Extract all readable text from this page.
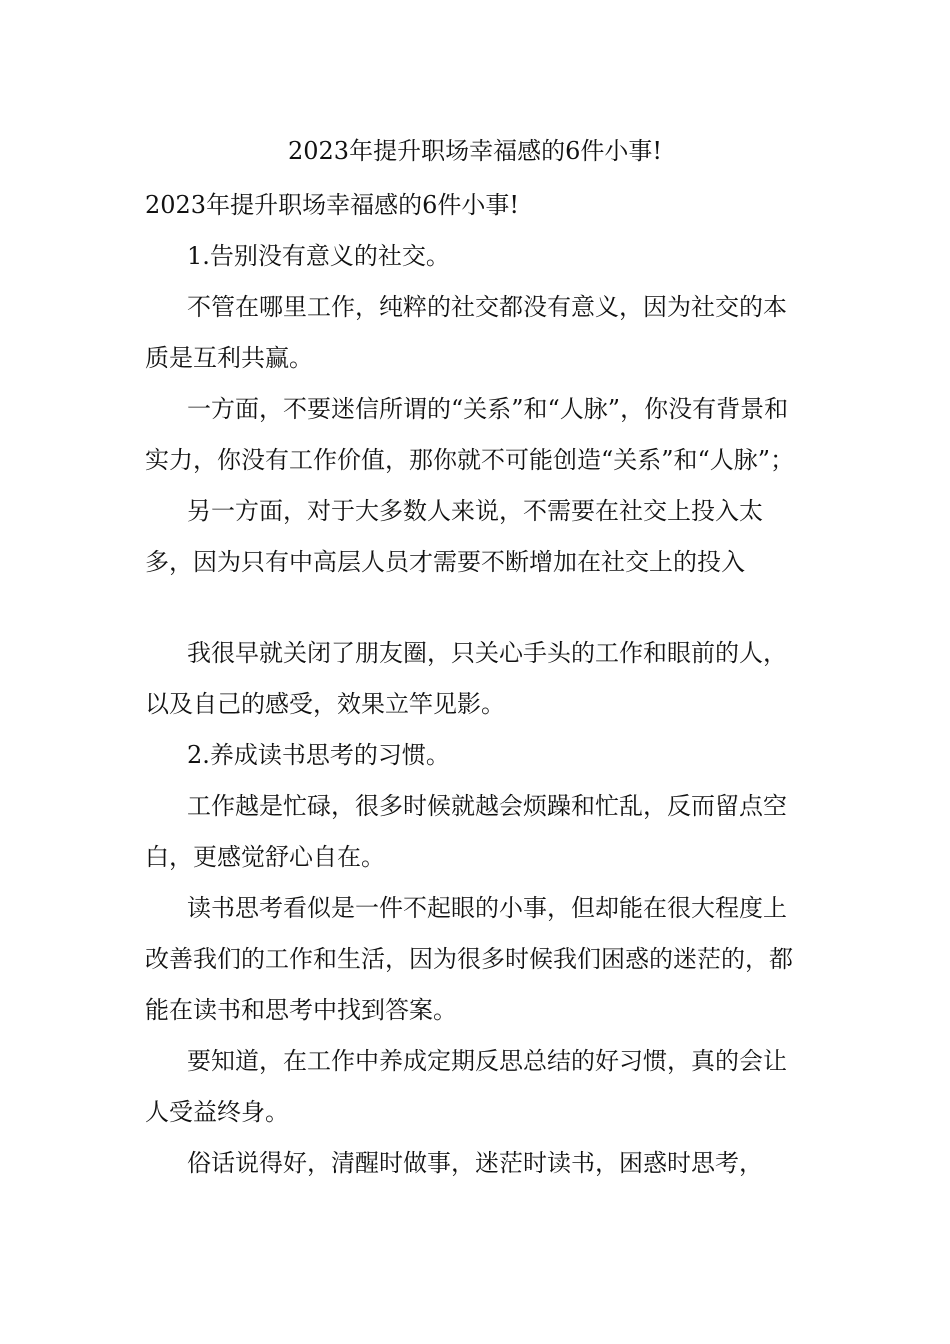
2023年提升职场幸福感的6件小事!

2023年提升职场幸福感的6件小事!

1.告别没有意义的社交。

不管在哪里工作，纯粹的社交都没有意义，因为社交的本质是互利共赢。

一方面，不要迷信所谓的“关系”和“人脉”，你没有背景和实力，你没有工作价值，那你就不可能创造“关系”和“人脉”；

另一方面，对于大多数人来说，不需要在社交上投入太多，因为只有中高层人员才需要不断增加在社交上的投入

我很早就关闭了朋友圈，只关心手头的工作和眼前的人，以及自己的感受，效果立竿见影。

2.养成读书思考的习惯。

工作越是忙碌，很多时候就越会烦躁和忙乱，反而留点空白，更感觉舒心自在。

读书思考看似是一件不起眼的小事，但却能在很大程度上改善我们的工作和生活，因为很多时候我们困惑的迷茫的，都能在读书和思考中找到答案。

要知道，在工作中养成定期反思总结的好习惯，真的会让人受益终身。

俗话说得好，清醒时做事，迷茫时读书，困惑时思考，
